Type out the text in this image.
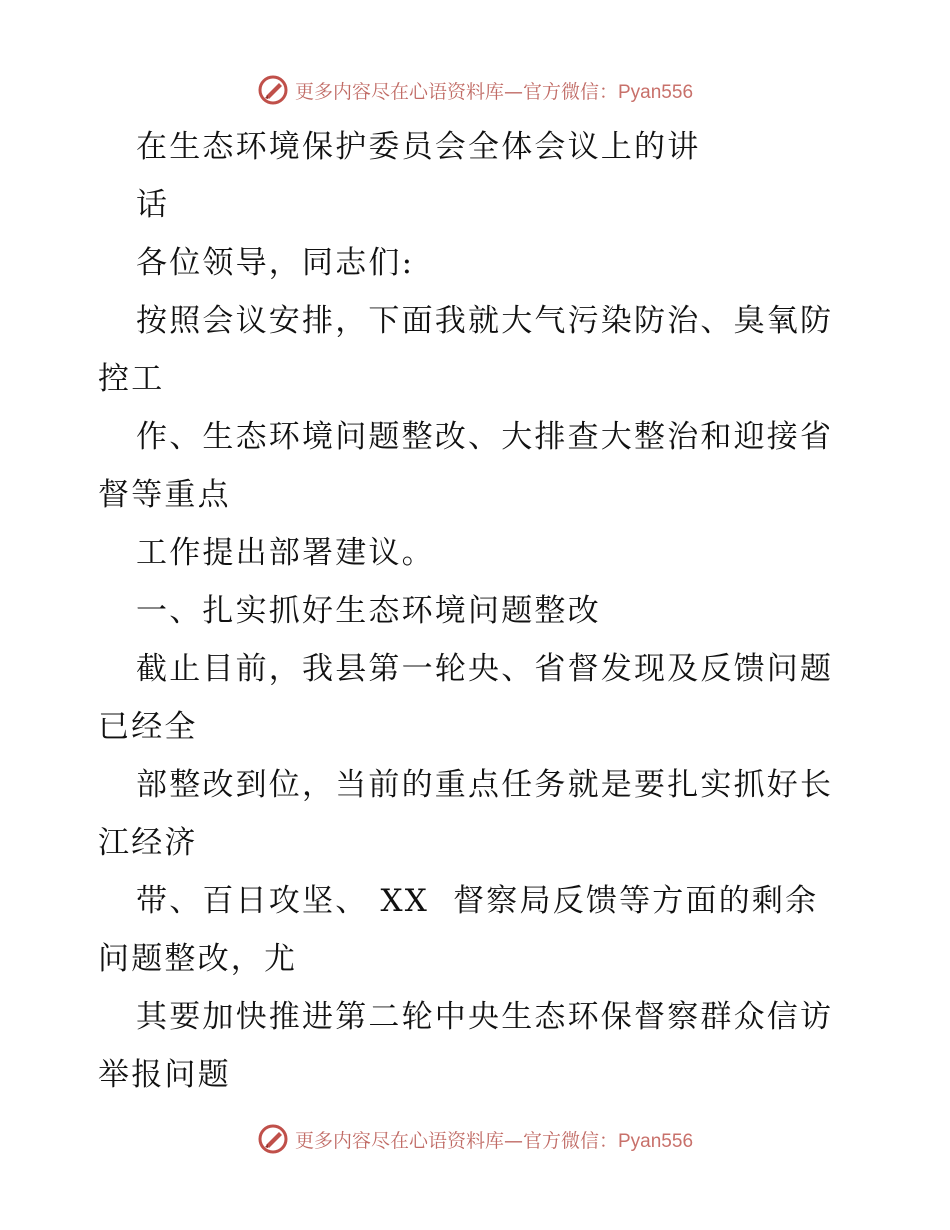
更多内容尽在心语资料库—官方微信：Pyan556
在生态环境保护委员会全体会议上的讲
话
各位领导，同志们:
按照会议安排，下面我就大气污染防治、臭氧防
控工
作、生态环境问题整改、大排查大整治和迎接省
督等重点
工作提出部署建议。
一、扎实抓好生态环境问题整改
截止目前，我县第一轮央、省督发现及反馈问题
已经全
部整改到位，当前的重点任务就是要扎实抓好长
江经济
带、百日攻坚、 XX  督察局反馈等方面的剩余
问题整改，尤
其要加快推进第二轮中央生态环保督察群众信访
举报问题
更多内容尽在心语资料库—官方微信：Pyan556
